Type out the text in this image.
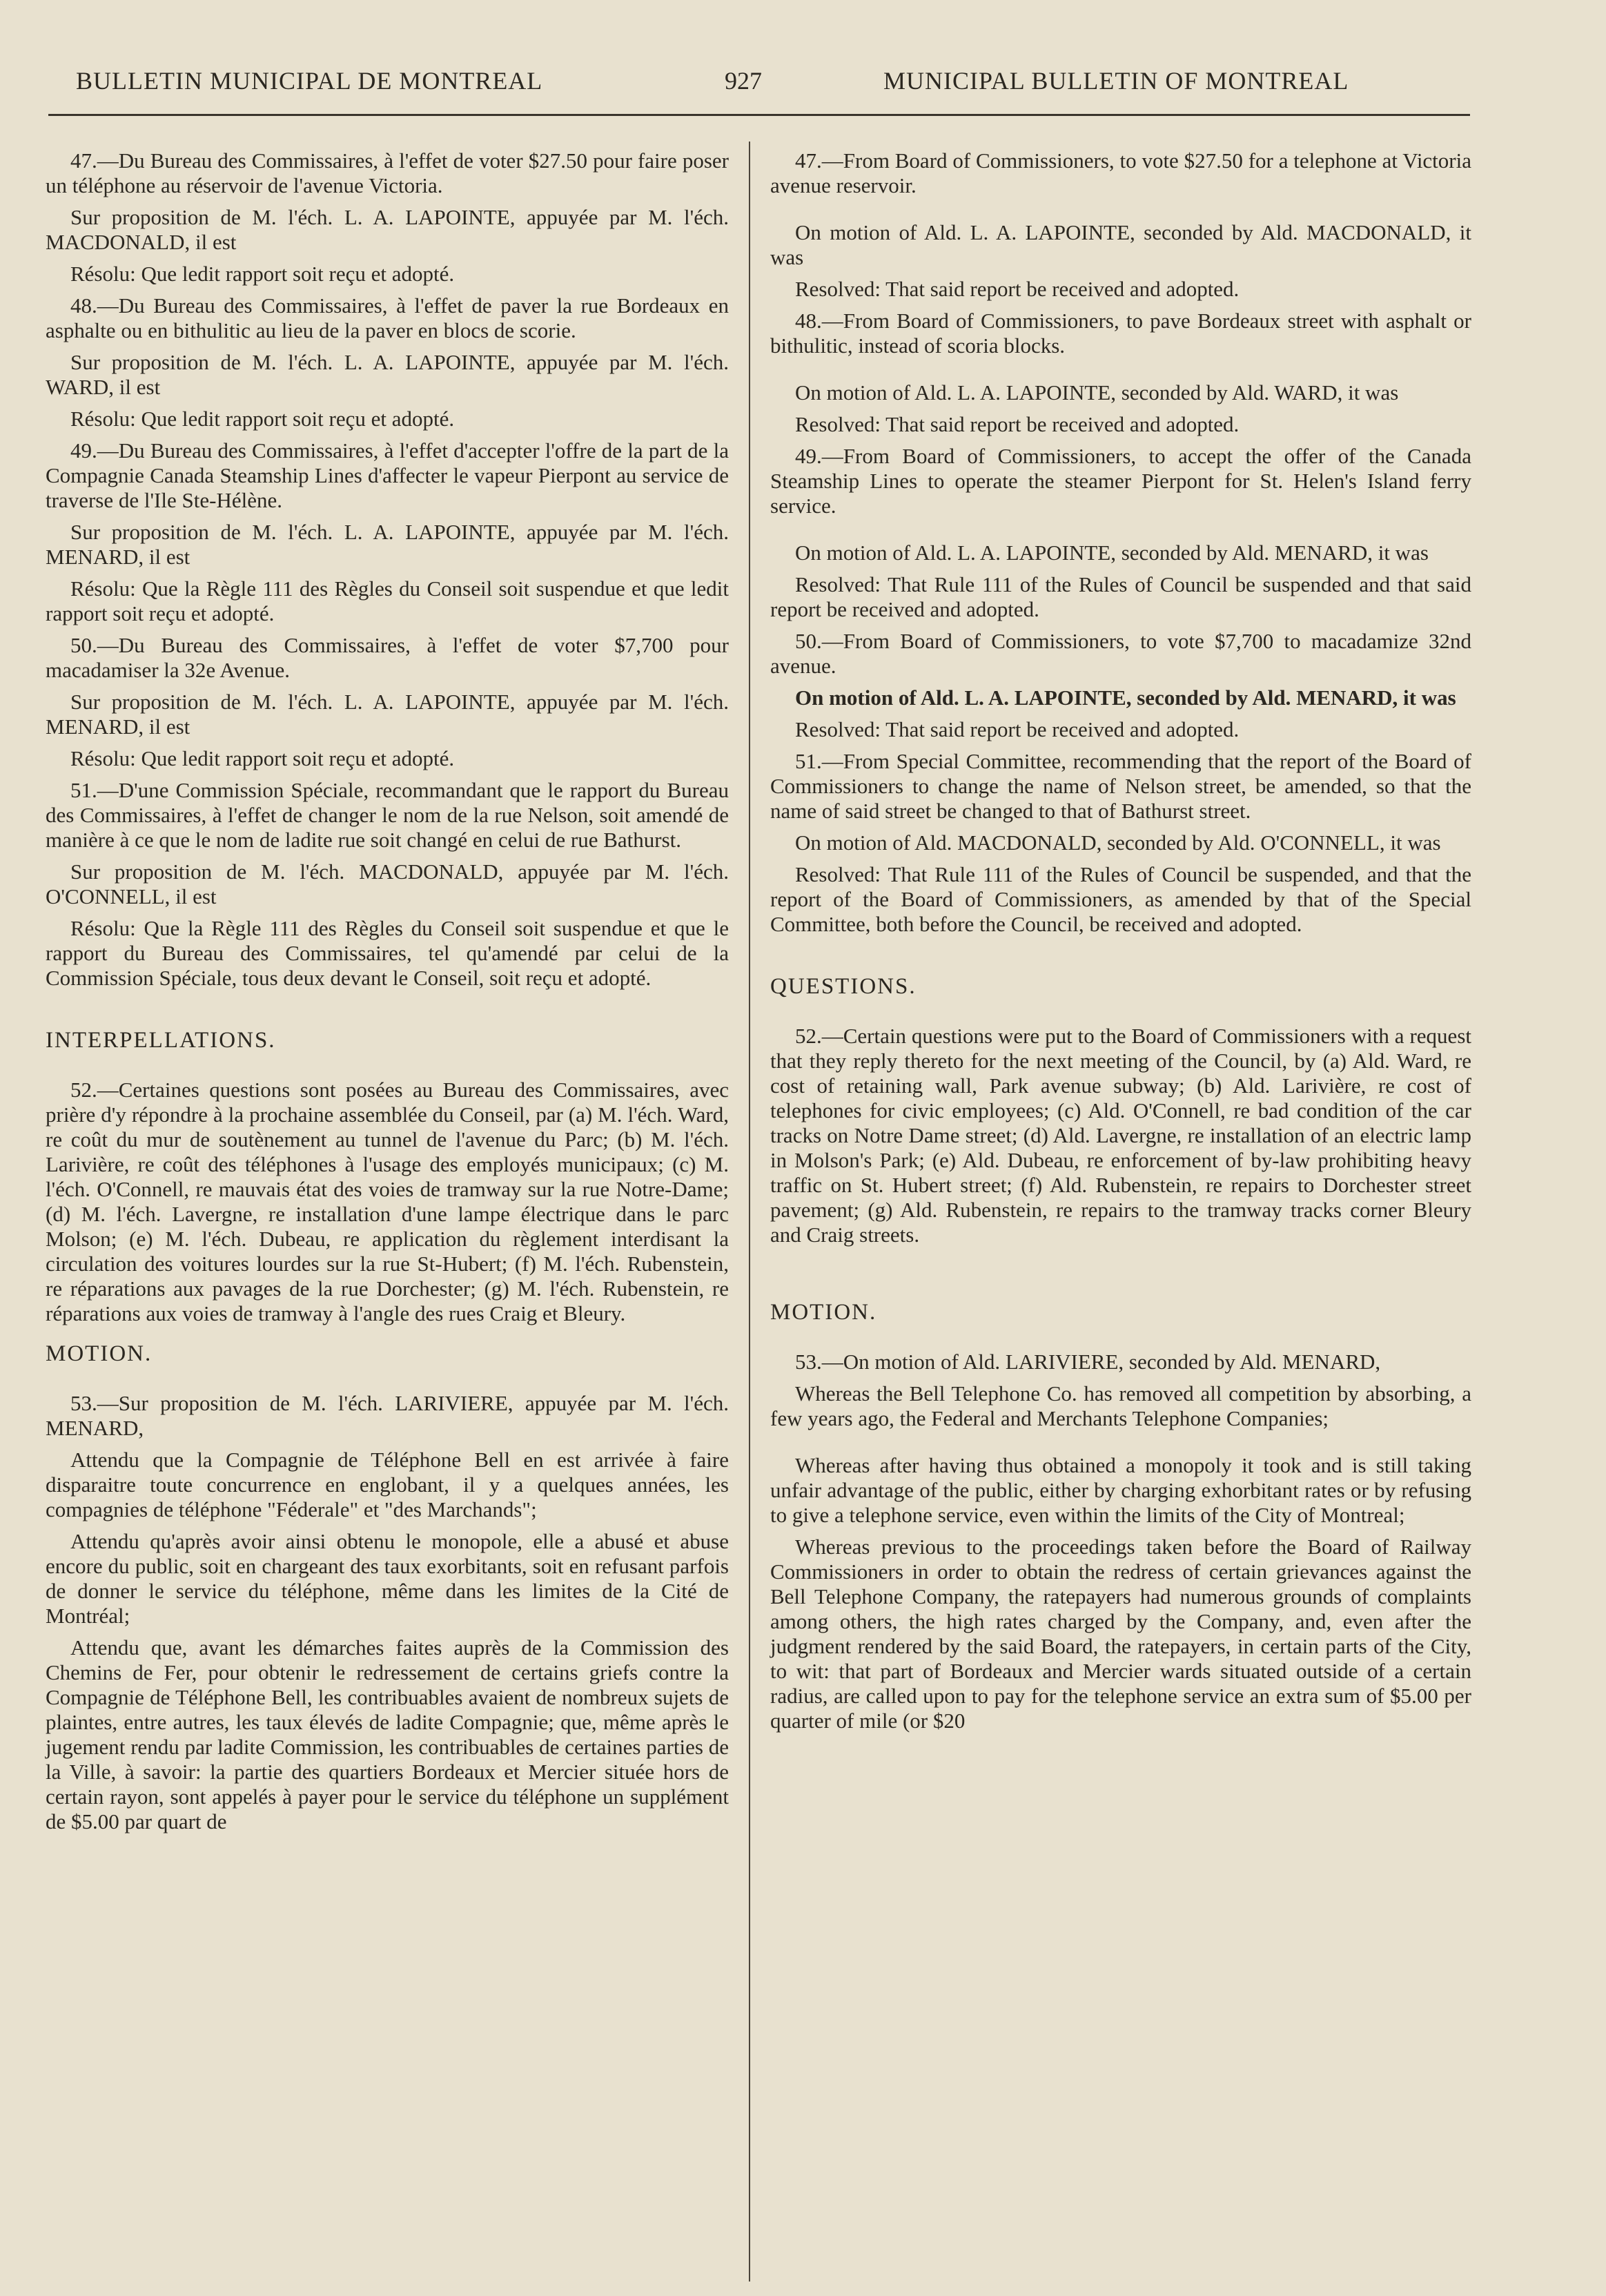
BULLETIN MUNICIPAL DE MONTREAL	927	MUNICIPAL BULLETIN OF MONTREAL

47.—Du Bureau des Commissaires, à l'effet de voter $27.50 pour faire poser un téléphone au réservoir de l'avenue Victoria.

Sur proposition de M. l'éch. L. A. LAPOINTE, appuyée par M. l'éch. MACDONALD, il est

Résolu: Que ledit rapport soit reçu et adopté.

48.—Du Bureau des Commissaires, à l'effet de paver la rue Bordeaux en asphalte ou en bithulitic au lieu de la paver en blocs de scorie.

Sur proposition de M. l'éch. L. A. LAPOINTE, appuyée par M. l'éch. WARD, il est

Résolu: Que ledit rapport soit reçu et adopté.

49.—Du Bureau des Commissaires, à l'effet d'accepter l'offre de la part de la Compagnie Canada Steamship Lines d'affecter le vapeur Pierpont au service de traverse de l'Ile Ste-Hélène.

Sur proposition de M. l'éch. L. A. LAPOINTE, appuyée par M. l'éch. MENARD, il est

Résolu: Que la Règle 111 des Règles du Conseil soit suspendue et que ledit rapport soit reçu et adopté.

50.—Du Bureau des Commissaires, à l'effet de voter $7,700 pour macadamiser la 32e Avenue.

Sur proposition de M. l'éch. L. A. LAPOINTE, appuyée par M. l'éch. MENARD, il est

Résolu: Que ledit rapport soit reçu et adopté.

51.—D'une Commission Spéciale, recommandant que le rapport du Bureau des Commissaires, à l'effet de changer le nom de la rue Nelson, soit amendé de manière à ce que le nom de ladite rue soit changé en celui de rue Bathurst.

Sur proposition de M. l'éch. MACDONALD, appuyée par M. l'éch. O'CONNELL, il est

Résolu: Que la Règle 111 des Règles du Conseil soit suspendue et que le rapport du Bureau des Commissaires, tel qu'amendé par celui de la Commission Spéciale, tous deux devant le Conseil, soit reçu et adopté.

INTERPELLATIONS.

52.—Certaines questions sont posées au Bureau des Commissaires, avec prière d'y répondre à la prochaine assemblée du Conseil, par (a) M. l'éch. Ward, re coût du mur de soutènement au tunnel de l'avenue du Parc; (b) M. l'éch. Larivière, re coût des téléphones à l'usage des employés municipaux; (c) M. l'éch. O'Connell, re mauvais état des voies de tramway sur la rue Notre-Dame; (d) M. l'éch. Lavergne, re installation d'une lampe électrique dans le parc Molson; (e) M. l'éch. Dubeau, re application du règlement interdisant la circulation des voitures lourdes sur la rue St-Hubert; (f) M. l'éch. Rubenstein, re réparations aux pavages de la rue Dorchester; (g) M. l'éch. Rubenstein, re réparations aux voies de tramway à l'angle des rues Craig et Bleury.

MOTION.

53.—Sur proposition de M. l'éch. LARIVIERE, appuyée par M. l'éch. MENARD,

Attendu que la Compagnie de Téléphone Bell en est arrivée à faire disparaitre toute concurrence en englobant, il y a quelques années, les compagnies de téléphone "Féderale" et "des Marchands";

Attendu qu'après avoir ainsi obtenu le monopole, elle a abusé et abuse encore du public, soit en chargeant des taux exorbitants, soit en refusant parfois de donner le service du téléphone, même dans les limites de la Cité de Montréal;

Attendu que, avant les démarches faites auprès de la Commission des Chemins de Fer, pour obtenir le redressement de certains griefs contre la Compagnie de Téléphone Bell, les contribuables avaient de nombreux sujets de plaintes, entre autres, les taux élevés de ladite Compagnie; que, même après le jugement rendu par ladite Commission, les contribuables de certaines parties de la Ville, à savoir: la partie des quartiers Bordeaux et Mercier située hors de certain rayon, sont appelés à payer pour le service du téléphone un supplément de $5.00 par quart de

47.—From Board of Commissioners, to vote $27.50 for a telephone at Victoria avenue reservoir.

On motion of Ald. L. A. LAPOINTE, seconded by Ald. MACDONALD, it was

Resolved: That said report be received and adopted.

48.—From Board of Commissioners, to pave Bordeaux street with asphalt or bithulitic, instead of scoria blocks.

On motion of Ald. L. A. LAPOINTE, seconded by Ald. WARD, it was

Resolved: That said report be received and adopted.

49.—From Board of Commissioners, to accept the offer of the Canada Steamship Lines to operate the steamer Pierpont for St. Helen's Island ferry service.

On motion of Ald. L. A. LAPOINTE, seconded by Ald. MENARD, it was

Resolved: That Rule 111 of the Rules of Council be suspended and that said report be received and adopted.

50.—From Board of Commissioners, to vote $7,700 to macadamize 32nd avenue.

On motion of Ald. L. A. LAPOINTE, seconded by Ald. MENARD, it was

Resolved: That said report be received and adopted.

51.—From Special Committee, recommending that the report of the Board of Commissioners to change the name of Nelson street, be amended, so that the name of said street be changed to that of Bathurst street.

On motion of Ald. MACDONALD, seconded by Ald. O'CONNELL, it was

Resolved: That Rule 111 of the Rules of Council be suspended, and that the report of the Board of Commissioners, as amended by that of the Special Committee, both before the Council, be received and adopted.

QUESTIONS.

52.—Certain questions were put to the Board of Commissioners with a request that they reply thereto for the next meeting of the Council, by (a) Ald. Ward, re cost of retaining wall, Park avenue subway; (b) Ald. Larivière, re cost of telephones for civic employees; (c) Ald. O'Connell, re bad condition of the car tracks on Notre Dame street; (d) Ald. Lavergne, re installation of an electric lamp in Molson's Park; (e) Ald. Dubeau, re enforcement of by-law prohibiting heavy traffic on St. Hubert street; (f) Ald. Rubenstein, re repairs to Dorchester street pavement; (g) Ald. Rubenstein, re repairs to the tramway tracks corner Bleury and Craig streets.

MOTION.

53.—On motion of Ald. LARIVIERE, seconded by Ald. MENARD,

Whereas the Bell Telephone Co. has removed all competition by absorbing, a few years ago, the Federal and Merchants Telephone Companies;

Whereas after having thus obtained a monopoly it took and is still taking unfair advantage of the public, either by charging exhorbitant rates or by refusing to give a telephone service, even within the limits of the City of Montreal;

Whereas previous to the proceedings taken before the Board of Railway Commissioners in order to obtain the redress of certain grievances against the Bell Telephone Company, the ratepayers had numerous grounds of complaints among others, the high rates charged by the Company, and, even after the judgment rendered by the said Board, the ratepayers, in certain parts of the City, to wit: that part of Bordeaux and Mercier wards situated outside of a certain radius, are called upon to pay for the telephone service an extra sum of $5.00 per quarter of mile (or $20
